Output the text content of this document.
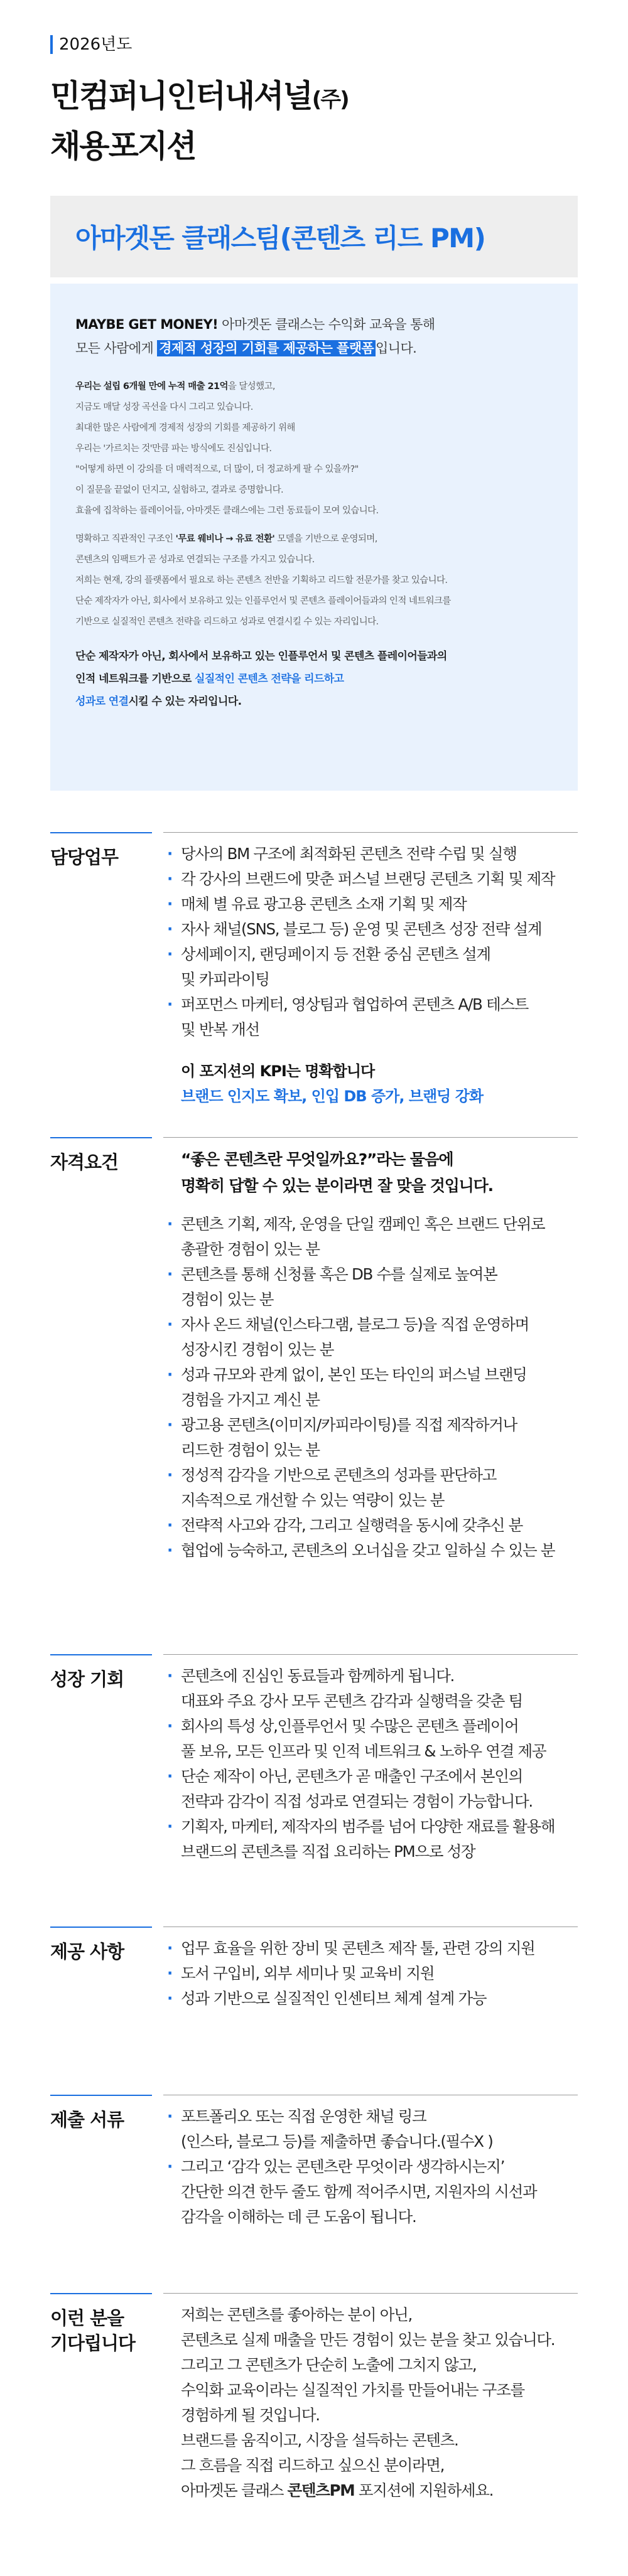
2026년도
민컴퍼니인터내셔널(주)
채용포지션
아마겟돈 클래스팀(콘텐츠 리드 PM)
MAYBE GET MONEY! 아마겟돈 클래스는 수익화 교육을 통해
모든 사람에게 경제적 성장의 기회를 제공하는 플랫폼 입니다.

우리는 설립 6개월 만에 누적 매출 21억을 달성했고,

지금도 매달 성장 곡선을 다시 그리고 있습니다.

최대한 많은 사람에게 경제적 성장의 기회를 제공하기 위해

우리는 '가르치는 것'만큼 파는 방식에도 진심입니다.

"어떻게 하면 이 강의를 더 매력적으로, 더 많이, 더 정교하게 팔 수 있을까?"

이 질문을 끝없이 던지고, 실험하고, 결과로 증명합니다.

효율에 집착하는 플레이어들, 아마겟돈 클래스에는 그런 동료들이 모여 있습니다.

명확하고 직관적인 구조인 '무료 웨비나 → 유료 전환' 모델을 기반으로 운영되며,

콘텐츠의 임팩트가 곧 성과로 연결되는 구조를 가지고 있습니다.

저희는 현재, 강의 플랫폼에서 필요로 하는 콘텐츠 전반을 기획하고 리드할 전문가를 찾고 있습니다.

단순 제작자가 아닌, 회사에서 보유하고 있는 인플루언서 및 콘텐츠 플레이어들과의 인적 네트워크를

기반으로 실질적인 콘텐츠 전략을 리드하고 성과로 연결시킬 수 있는 자리입니다.

단순 제작자가 아닌, 회사에서 보유하고 있는 인플루언서 및 콘텐츠 플레이어들과의
인적 네트워크를 기반으로 실질적인 콘텐츠 전략을 리드하고
성과로 연결시킬 수 있는 자리입니다.
담당업무	· 당사의 BM 구조에 최적화된 콘텐츠 전략 수립 및 실행
· 각 강사의 브랜드에 맞춘 퍼스널 브랜딩 콘텐츠 기획 및 제작
· 매체 별 유료 광고용 콘텐츠 소재 기획 및 제작
· 자사 채널(SNS, 블로그 등) 운영 및 콘텐츠 성장 전략 설계
· 상세페이지, 랜딩페이지 등 전환 중심 콘텐츠 설계
및 카피라이팅
· 퍼포먼스 마케터, 영상팀과 협업하여 콘텐츠 A/B 테스트
및 반복 개선
이 포지션의 KPI는 명확합니다
브랜드 인지도 확보, 인입 DB 증가, 브랜딩 강화
자격요건	“좋은 콘텐츠란 무엇일까요?”라는 물음에
명확히 답할 수 있는 분이라면 잘 맞을 것입니다.
· 콘텐츠 기획, 제작, 운영을 단일 캠페인 혹은 브랜드 단위로
총괄한 경험이 있는 분
· 콘텐츠를 통해 신청률 혹은 DB 수를 실제로 높여본
경험이 있는 분
· 자사 온드 채널(인스타그램, 블로그 등)을 직접 운영하며
성장시킨 경험이 있는 분
· 성과 규모와 관계 없이, 본인 또는 타인의 퍼스널 브랜딩
경험을 가지고 계신 분
· 광고용 콘텐츠(이미지/카피라이팅)를 직접 제작하거나
리드한 경험이 있는 분
· 정성적 감각을 기반으로 콘텐츠의 성과를 판단하고
지속적으로 개선할 수 있는 역량이 있는 분
· 전략적 사고와 감각, 그리고 실행력을 동시에 갖추신 분
· 협업에 능숙하고, 콘텐츠의 오너십을 갖고 일하실 수 있는 분
성장 기회	· 콘텐츠에 진심인 동료들과 함께하게 됩니다.
대표와 주요 강사 모두 콘텐츠 감각과 실행력을 갖춘 팀
· 회사의 특성 상,인플루언서 및 수많은 콘텐츠 플레이어
풀 보유, 모든 인프라 및 인적 네트워크 & 노하우 연결 제공
· 단순 제작이 아닌, 콘텐츠가 곧 매출인 구조에서 본인의
전략과 감각이 직접 성과로 연결되는 경험이 가능합니다.
· 기획자, 마케터, 제작자의 범주를 넘어 다양한 재료를 활용해
브랜드의 콘텐츠를 직접 요리하는 PM으로 성장
제공 사항	· 업무 효율을 위한 장비 및 콘텐츠 제작 툴, 관련 강의 지원
· 도서 구입비, 외부 세미나 및 교육비 지원
· 성과 기반으로 실질적인 인센티브 체계 설계 가능
제출 서류	· 포트폴리오 또는 직접 운영한 채널 링크
(인스타, 블로그 등)를 제출하면 좋습니다.(필수X )
· 그리고 ‘감각 있는 콘텐츠란 무엇이라 생각하시는지’
간단한 의견 한두 줄도 함께 적어주시면, 지원자의 시선과
감각을 이해하는 데 큰 도움이 됩니다.
이런 분을
기다립니다
저희는 콘텐츠를 좋아하는 분이 아닌,
콘텐츠로 실제 매출을 만든 경험이 있는 분을 찾고 있습니다.
그리고 그 콘텐츠가 단순히 노출에 그치지 않고,
수익화 교육이라는 실질적인 가치를 만들어내는 구조를
경험하게 될 것입니다.
브랜드를 움직이고, 시장을 설득하는 콘텐츠.
그 흐름을 직접 리드하고 싶으신 분이라면,
아마겟돈 클래스 콘텐츠PM 포지션에 지원하세요.
